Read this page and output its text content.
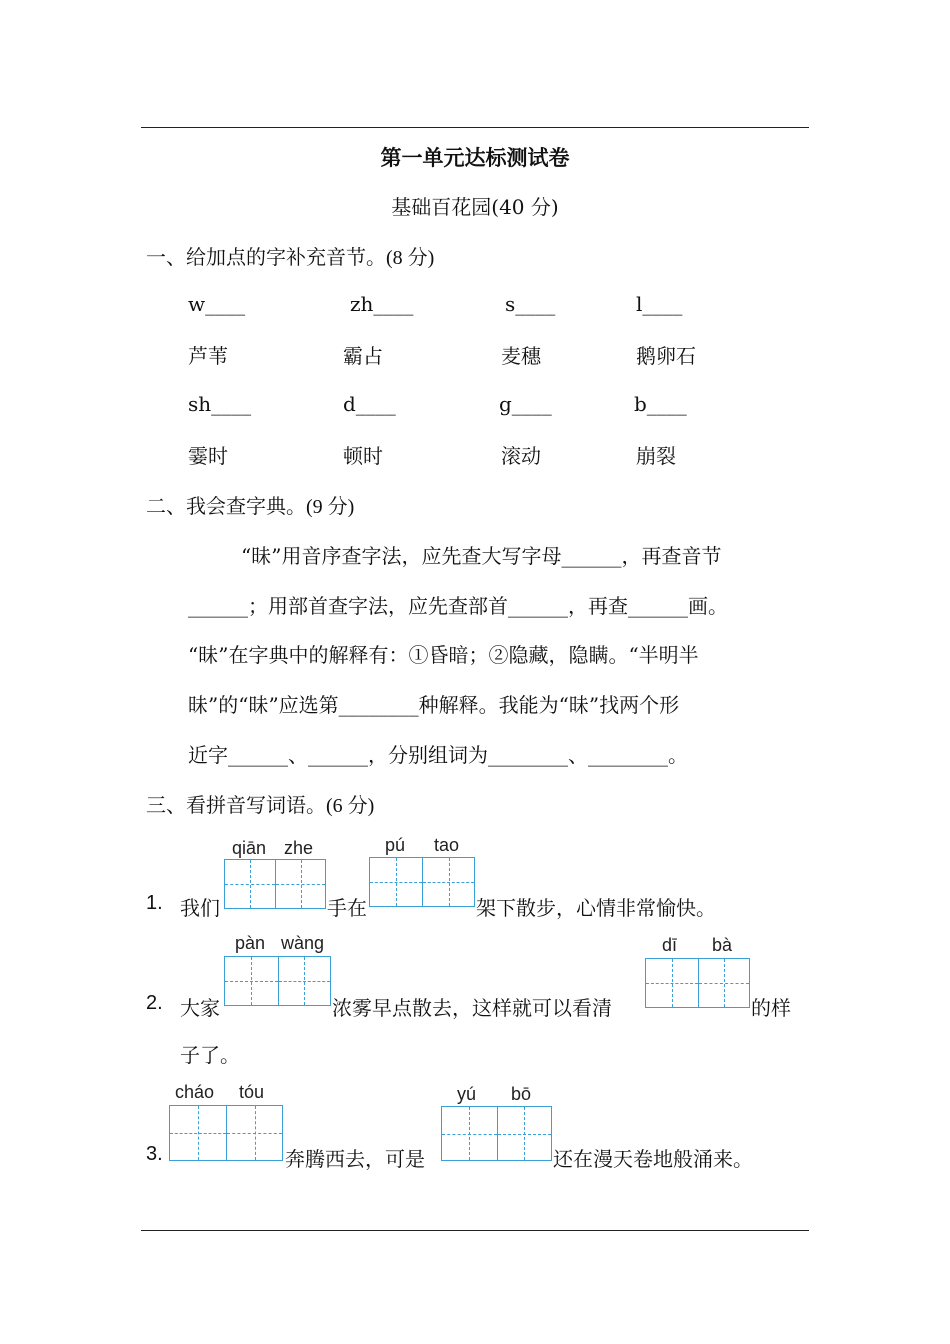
第一单元达标测试卷
基础百花园(40 分)
一、给加点的字补充音节。(8 分)
w____	zh____	s____	l____
芦苇	霸占	麦穗	鹅卵石
sh____	d____	g____	b____
霎时	顿时	滚动	崩裂
二、我会查字典。(9 分)
“昧”用音序查字法，应先查大写字母______，再查音节
______；用部首查字法，应先查部首______，再查______画。
“昧”在字典中的解释有：①昏暗；②隐藏，隐瞒。“半明半
昧”的“昧”应选第________种解释。我能为“昧”找两个形
近字______、______，分别组词为________、________。
三、看拼音写词语。(6 分)
qiān zhe	pú tao
1. 我们	手在	架下散步，心情非常愉快。
pàn wàng	dī bà
2. 大家	浓雾早点散去，这样就可以看清	的样
子了。
cháo tóu	yú bō
3.	奔腾西去，可是	还在漫天卷地般涌来。
